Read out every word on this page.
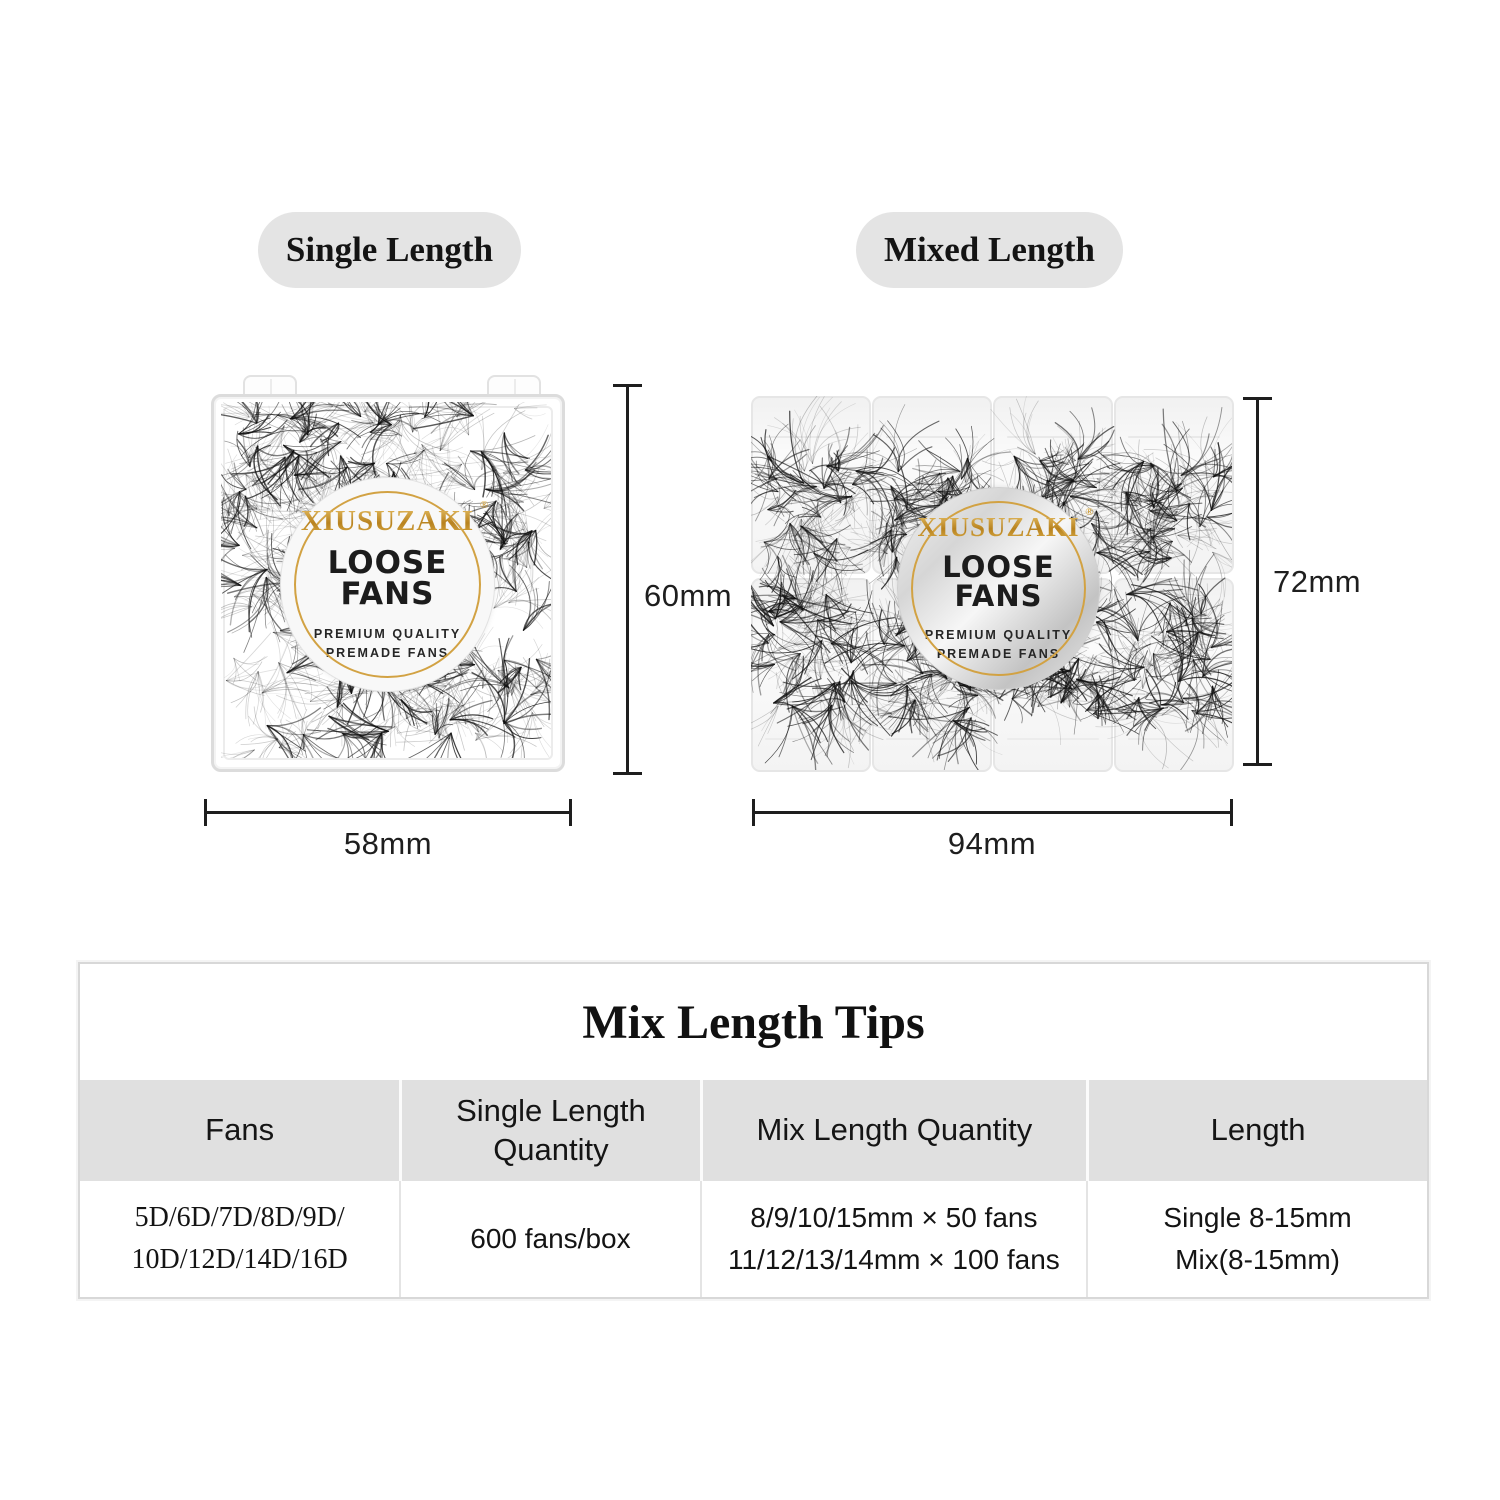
Single Length	Mixed Length
XIUSUZAKI ®
LOOSE FANS
PREMIUM QUALITY
PREMADE FANS
60mm
58mm
XIUSUZAKI ®
LOOSE FANS
PREMIUM QUALITY
PREMADE FANS
72mm
94mm
Mix Length Tips
Fans
Single Length Quantity
Mix Length Quantity	Length
5D/6D/7D/8D/9D/
10D/12D/14D/16D
600 fans/box
8/9/10/15mm × 50 fans
11/12/13/14mm × 100 fans
Single 8-15mm
Mix(8-15mm)
